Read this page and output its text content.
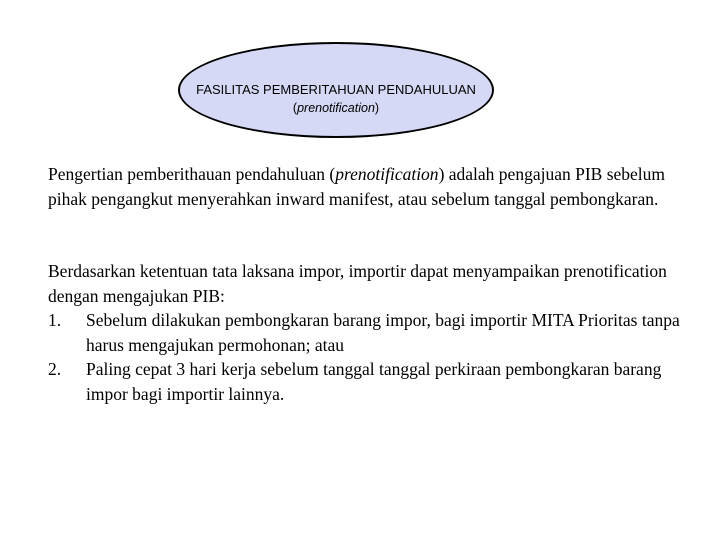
FASILITAS PEMBERITAHUAN PENDAHULUAN
(prenotification)

Pengertian pemberithauan pendahuluan (prenotification) adalah pengajuan PIB sebelum pihak pengangkut menyerahkan inward manifest, atau sebelum tanggal pembongkaran.

Berdasarkan ketentuan tata laksana impor, importir dapat menyampaikan prenotification dengan mengajukan PIB:

1. Sebelum dilakukan pembongkaran barang impor, bagi importir MITA Prioritas tanpa harus mengajukan permohonan; atau
2. Paling cepat 3 hari kerja sebelum tanggal tanggal perkiraan pembongkaran barang impor bagi importir lainnya.
